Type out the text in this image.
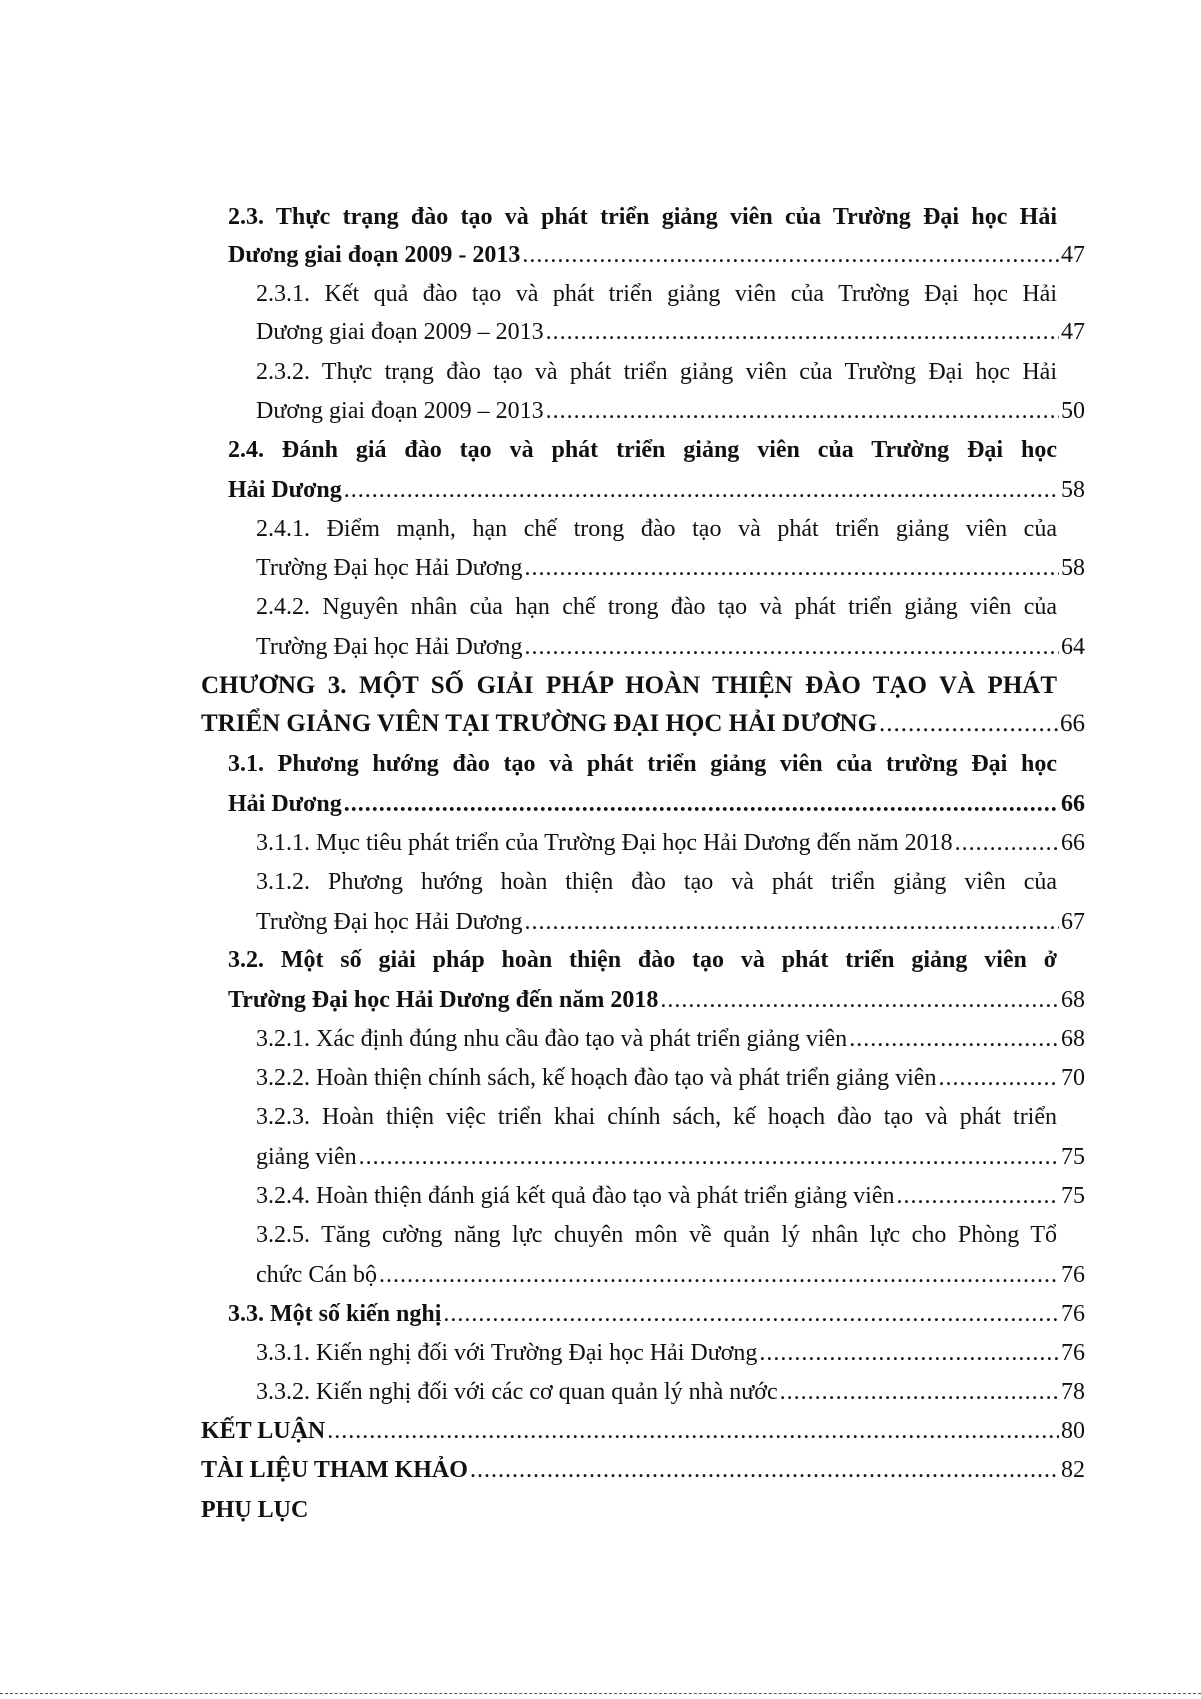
2.3. Thực trạng đào tạo và phát triển giảng viên của Trường Đại học Hải
Dương giai đoạn 2009 - 2013 .....	47
2.3.1. Kết quả đào tạo và phát triển giảng viên của Trường Đại học Hải
Dương giai đoạn 2009 – 2013 .....	47
2.3.2. Thực trạng đào tạo và phát triển giảng viên của Trường Đại học Hải
Dương giai đoạn 2009 – 2013 .....	50
2.4. Đánh giá đào tạo và phát triển giảng viên của Trường Đại học
Hải Dương .....	58
2.4.1. Điểm mạnh, hạn chế trong đào tạo và phát triển giảng viên của
Trường Đại học Hải Dương .....	58
2.4.2. Nguyên nhân của hạn chế trong đào tạo và phát triển giảng viên của
Trường Đại học Hải Dương .....	64
CHƯƠNG 3. MỘT SỐ GIẢI PHÁP HOÀN THIỆN ĐÀO TẠO VÀ PHÁT
TRIỂN GIẢNG VIÊN TẠI TRƯỜNG ĐẠI HỌC HẢI DƯƠNG .....	66
3.1. Phương hướng đào tạo và phát triển giảng viên của trường Đại học
Hải Dương .....	66
3.1.1. Mục tiêu phát triển của Trường Đại học Hải Dương đến năm 2018 .....	66
3.1.2. Phương hướng hoàn thiện đào tạo và phát triển giảng viên của
Trường Đại học Hải Dương .....	67
3.2. Một số giải pháp hoàn thiện đào tạo và phát triển giảng viên ở
Trường Đại học Hải Dương đến năm 2018 .....	68
3.2.1. Xác định đúng nhu cầu đào tạo và phát triển giảng viên .....	68
3.2.2. Hoàn thiện chính sách, kế hoạch đào tạo và phát triển giảng viên .....	70
3.2.3. Hoàn thiện việc triển khai chính sách, kế hoạch đào tạo và phát triển
giảng viên .....	75
3.2.4. Hoàn thiện đánh giá kết quả đào tạo và phát triển giảng viên .....	75
3.2.5. Tăng cường năng lực chuyên môn về quản lý nhân lực cho Phòng Tổ
chức Cán bộ .....	76
3.3. Một số kiến nghị .....	76
3.3.1. Kiến nghị đối với Trường Đại học Hải Dương .....	76
3.3.2. Kiến nghị đối với các cơ quan quản lý nhà nước .....	78
KẾT LUẬN .....	80
TÀI LIỆU THAM KHẢO .....	82
PHỤ LỤC
